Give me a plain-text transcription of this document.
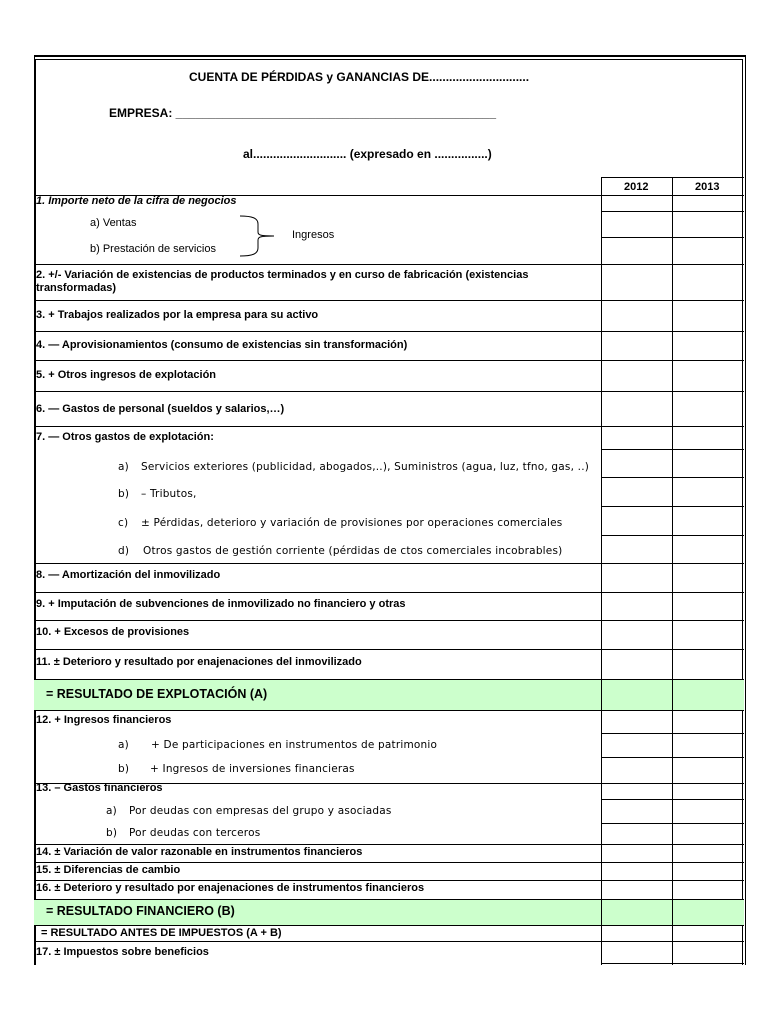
CUENTA DE PÉRDIDAS y GANANCIAS DE..............................
EMPRESA: ________________________________________________
al............................ (expresado en ................)
2012	2013
1. Importe neto de la cifra de negocios
a) Ventas
b) Prestación de servicios
Ingresos
2. +/- Variación de existencias de productos terminados y en curso de fabricación (existencias
transformadas)
3. + Trabajos realizados por la empresa para su activo
4. — Aprovisionamientos (consumo de existencias sin transformación)
5. + Otros ingresos de explotación
6. — Gastos de personal (sueldos y salarios,…)
7. — Otros gastos de explotación:
a) Servicios exteriores (publicidad, abogados,..), Suministros (agua, luz, tfno, gas, ..)
b) – Tributos,
c) ± Pérdidas, deterioro y variación de provisiones por operaciones comerciales
d) Otros gastos de gestión corriente (pérdidas de ctos comerciales incobrables)
8. — Amortización del inmovilizado
9. + Imputación de subvenciones de inmovilizado no financiero y otras
10. + Excesos de provisiones
11. ± Deterioro y resultado por enajenaciones del inmovilizado
= RESULTADO DE EXPLOTACIÓN (A)
12. + Ingresos financieros
a) + De participaciones en instrumentos de patrimonio
b) + Ingresos de inversiones financieras
13. – Gastos financieros
a) Por deudas con empresas del grupo y asociadas
b) Por deudas con terceros
14. ± Variación de valor razonable en instrumentos financieros
15. ± Diferencias de cambio
16. ± Deterioro y resultado por enajenaciones de instrumentos financieros
= RESULTADO FINANCIERO (B)
= RESULTADO ANTES DE IMPUESTOS (A + B)
17. ± Impuestos sobre beneficios
